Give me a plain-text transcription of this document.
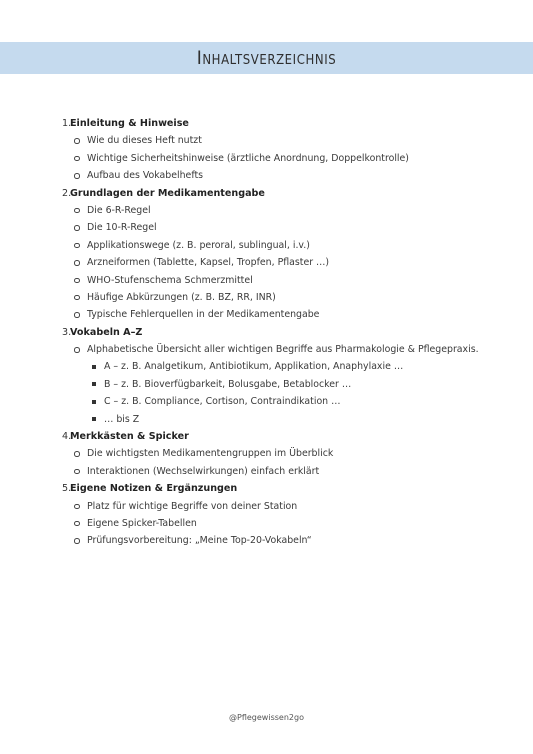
Inhaltsverzeichnis
1.Einleitung & Hinweise
Wie du dieses Heft nutzt
Wichtige Sicherheitshinweise (ärztliche Anordnung, Doppelkontrolle)
Aufbau des Vokabelhefts
2.Grundlagen der Medikamentengabe
Die 6-R-Regel
Die 10-R-Regel
Applikationswege (z. B. peroral, sublingual, i.v.)
Arzneiformen (Tablette, Kapsel, Tropfen, Pflaster …)
WHO-Stufenschema Schmerzmittel
Häufige Abkürzungen (z. B. BZ, RR, INR)
Typische Fehlerquellen in der Medikamentengabe
3.Vokabeln A–Z
Alphabetische Übersicht aller wichtigen Begriffe aus Pharmakologie & Pflegepraxis.
A – z. B. Analgetikum, Antibiotikum, Applikation, Anaphylaxie …
B – z. B. Bioverfügbarkeit, Bolusgabe, Betablocker …
C – z. B. Compliance, Cortison, Contraindikation …
… bis Z
4.Merkkästen & Spicker
Die wichtigsten Medikamentengruppen im Überblick
Interaktionen (Wechselwirkungen) einfach erklärt
5.Eigene Notizen & Ergänzungen
Platz für wichtige Begriffe von deiner Station
Eigene Spicker-Tabellen
Prüfungsvorbereitung: „Meine Top-20-Vokabeln“
@Pflegewissen2go
